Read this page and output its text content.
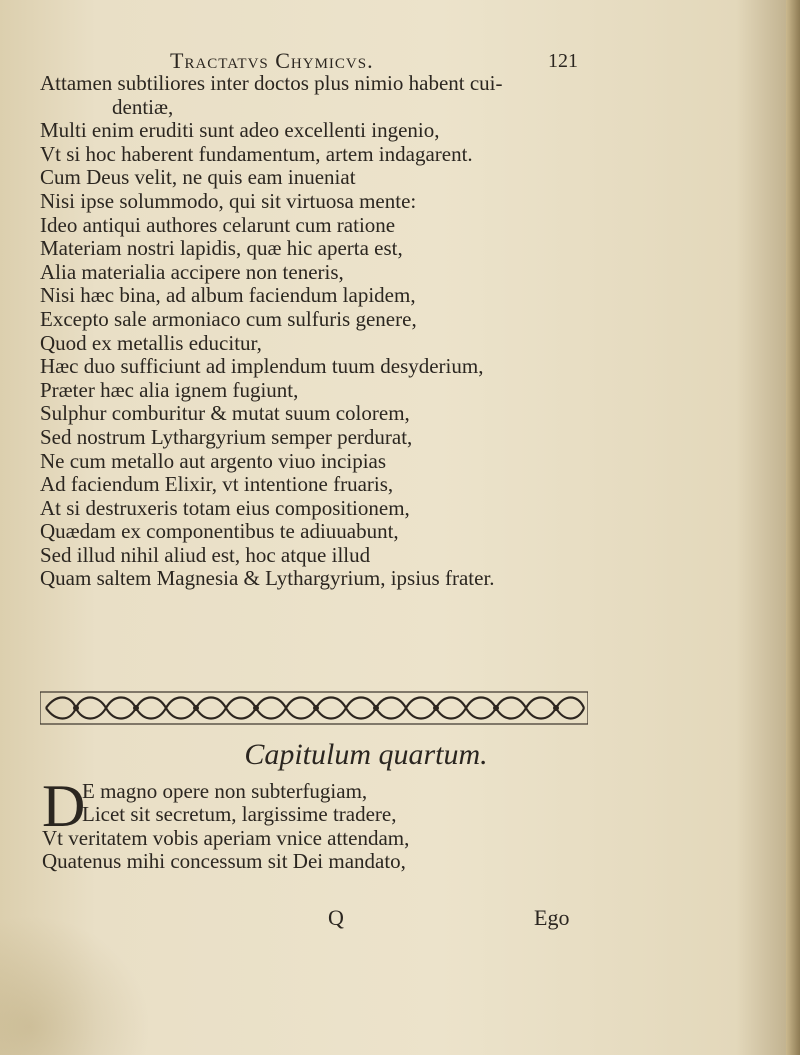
Tractatvs Chymicvs.	121
Attamen subtiliores inter doctos plus nimio habent cui-
dentiæ,
Multi enim eruditi sunt adeo excellenti ingenio,
Vt si hoc haberent fundamentum, artem indagarent.
Cum Deus velit, ne quis eam inueniat
Nisi ipse solummodo, qui sit virtuosa mente:
Ideo antiqui authores celarunt cum ratione
Materiam nostri lapidis, quæ hic aperta est,
Alia materialia accipere non teneris,
Nisi hæc bina, ad album faciendum lapidem,
Excepto sale armoniaco cum sulfuris genere,
Quod ex metallis educitur,
Hæc duo sufficiunt ad implendum tuum desyderium,
Præter hæc alia ignem fugiunt,
Sulphur comburitur & mutat suum colorem,
Sed nostrum Lythargyrium semper perdurat,
Ne cum metallo aut argento viuo incipias
Ad faciendum Elixir, vt intentione fruaris,
At si destruxeris totam eius compositionem,
Quædam ex componentibus te adiuuabunt,
Sed illud nihil aliud est, hoc atque illud
Quam saltem Magnesia & Lythargyrium, ipsius frater.
Capitulum quartum.
D
E magno opere non subterfugiam,
Licet sit secretum, largissime tradere,
Vt veritatem vobis aperiam vnice attendam,
Quatenus mihi concessum sit Dei mandato,
Q	Ego
